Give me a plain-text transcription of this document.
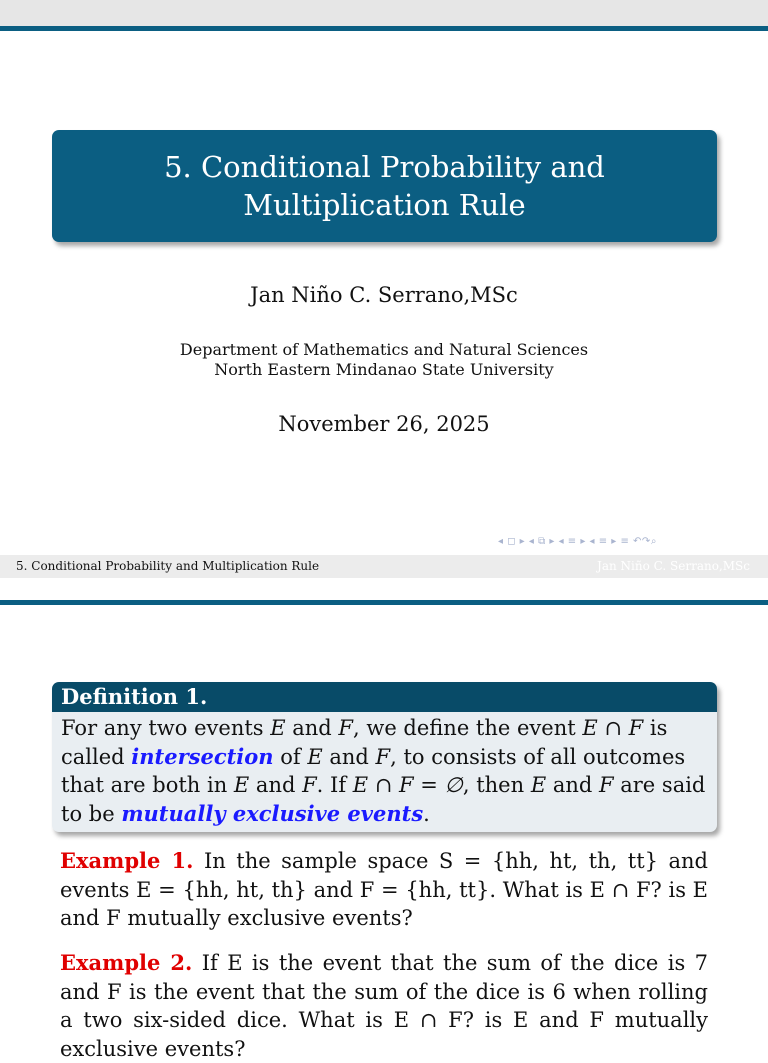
5. Conditional Probability and Multiplication Rule
Jan Niño C. Serrano,MSc
Department of Mathematics and Natural Sciences
North Eastern Mindanao State University
November 26, 2025
◂ ◻ ▸ ◂ ⧉ ▸ ◂ ≡ ▸ ◂ ≡ ▸ ≡ ↶↷⌕
5. Conditional Probability and Multiplication Rule	Jan Niño C. Serrano,MSc
Definition 1.
For any two events E and F, we define the event E ∩ F is called intersection of E and F, to consists of all outcomes that are both in E and F. If E ∩ F = ∅, then E and F are said to be mutually exclusive events.
Example 1. In the sample space S = {hh, ht, th, tt} and events E = {hh, ht, th} and F = {hh, tt}. What is E ∩ F? is E and F mutually exclusive events?
Example 2. If E is the event that the sum of the dice is 7 and F is the event that the sum of the dice is 6 when rolling a two six-sided dice. What is E ∩ F? is E and F mutually exclusive events?
